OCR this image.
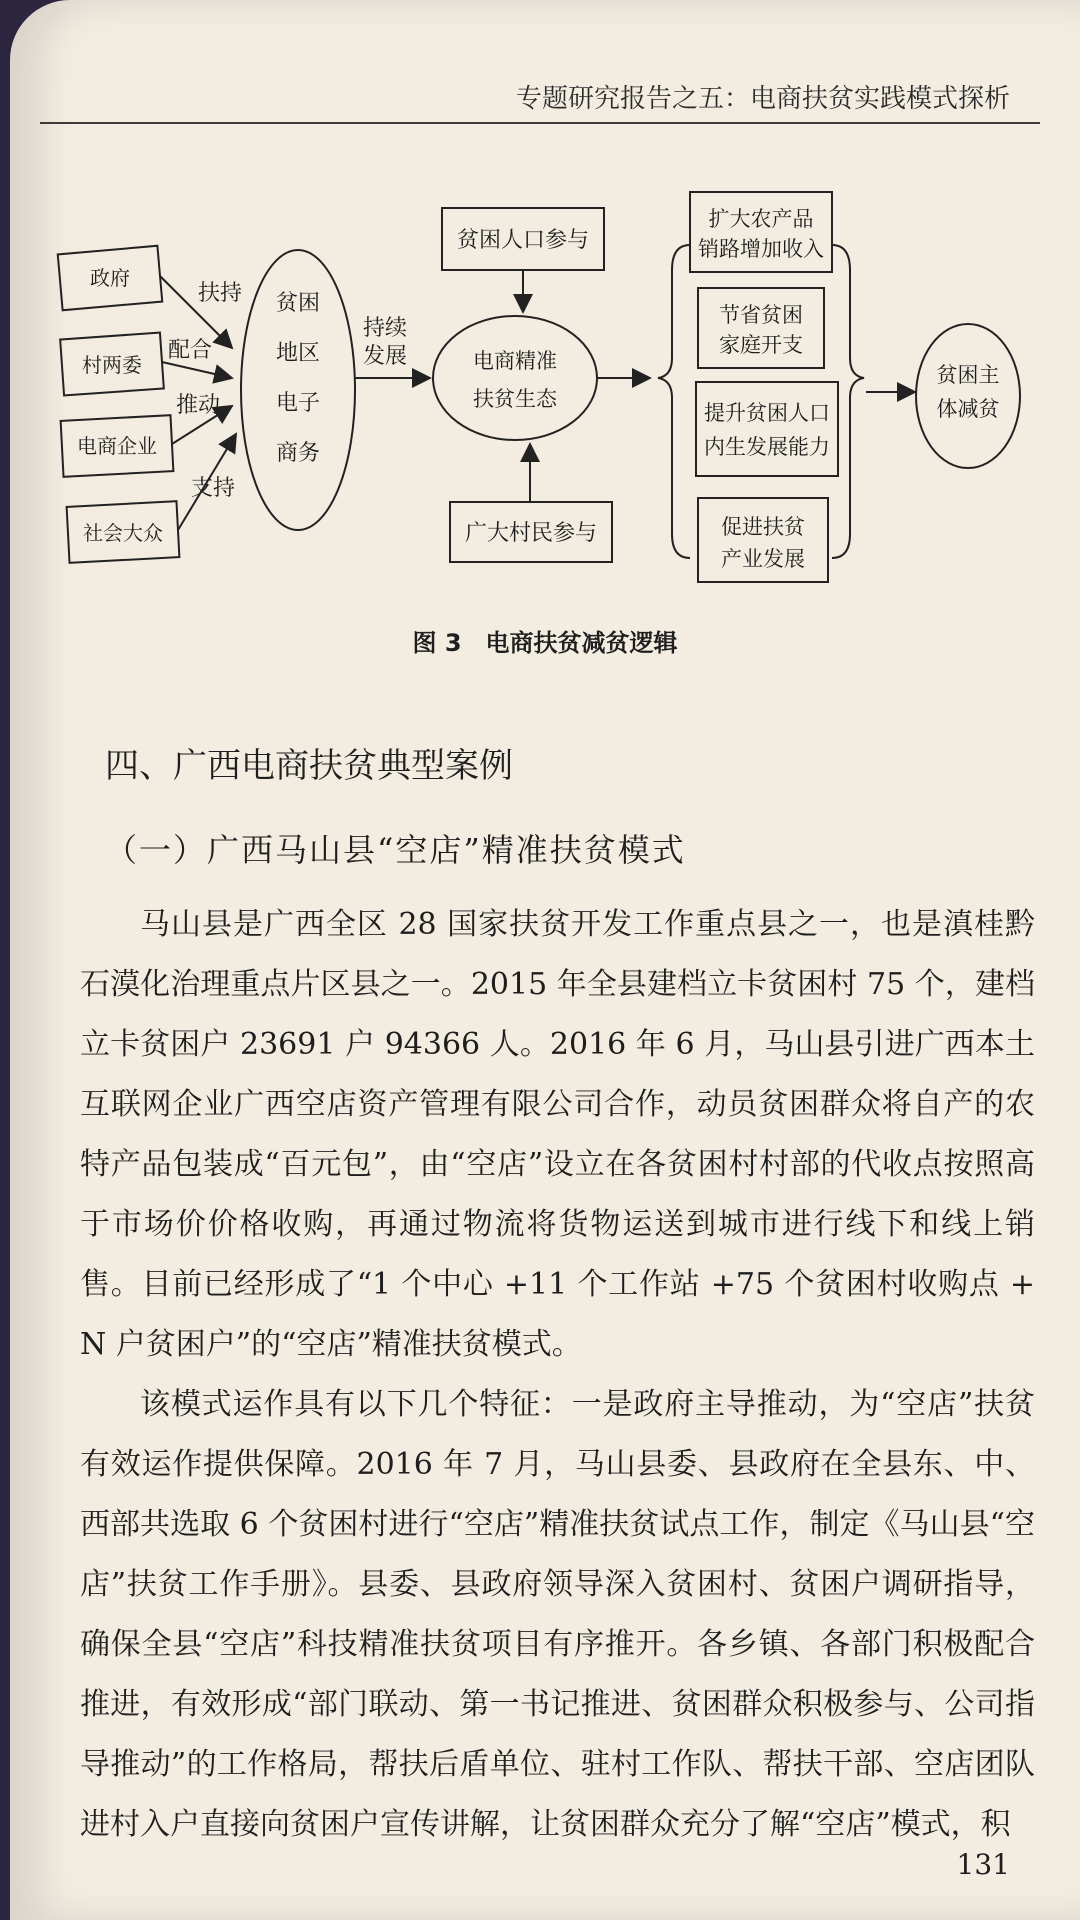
专题研究报告之五：电商扶贫实践模式探析
政府
村两委
电商企业
社会大众
扶持
配合
推动
支持
贫困
地区
电子
商务
持续
发展
贫困人口参与
电商精准
扶贫生态
广大村民参与
扩大农产品
销路增加收入
节省贫困
家庭开支
提升贫困人口
内生发展能力
促进扶贫
产业发展
贫困主
体减贫
图 3　电商扶贫减贫逻辑
四、广西电商扶贫典型案例
（一）广西马山县“空店”精准扶贫模式

马山县是广西全区 28 国家扶贫开发工作重点县之一，也是滇桂黔石漠化治理重点片区县之一。2015 年全县建档立卡贫困村 75 个，建档立卡贫困户 23691 户 94366 人。2016 年 6 月，马山县引进广西本土互联网企业广西空店资产管理有限公司合作，动员贫困群众将自产的农特产品包装成“百元包”，由“空店”设立在各贫困村村部的代收点按照高于市场价价格收购，再通过物流将货物运送到城市进行线下和线上销售。目前已经形成了“1 个中心 +11 个工作站 +75 个贫困村收购点 + N 户贫困户”的“空店”精准扶贫模式。

该模式运作具有以下几个特征：一是政府主导推动，为“空店”扶贫有效运作提供保障。2016 年 7 月，马山县委、县政府在全县东、中、西部共选取 6 个贫困村进行“空店”精准扶贫试点工作，制定《马山县“空店”扶贫工作手册》。县委、县政府领导深入贫困村、贫困户调研指导，确保全县“空店”科技精准扶贫项目有序推开。各乡镇、各部门积极配合推进，有效形成“部门联动、第一书记推进、贫困群众积极参与、公司指导推动”的工作格局，帮扶后盾单位、驻村工作队、帮扶干部、空店团队进村入户直接向贫困户宣传讲解，让贫困群众充分了解“空店”模式，积

131
